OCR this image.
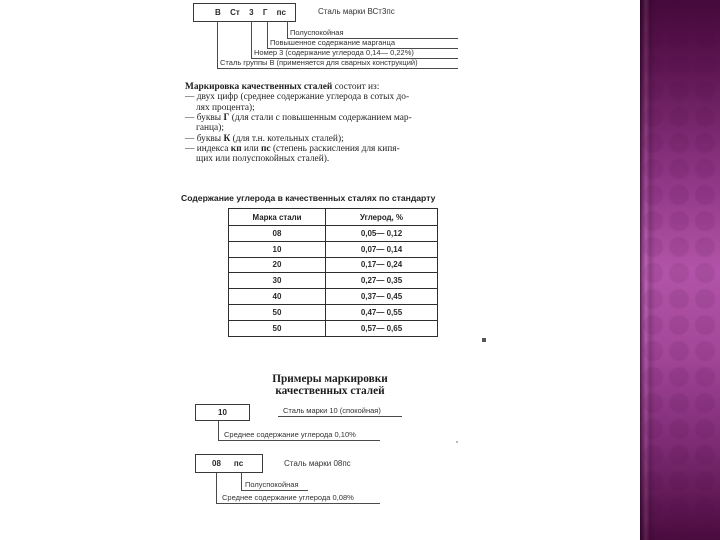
В Ст 3 Г пс	Сталь марки ВСт3пс
Полуспокойная
Повышенное содержание марганца
Номер 3 (содержание углерода 0,14— 0,22%)
Сталь группы В (применяется для сварных конструкций)
Маркировка качественных сталей состоит из:
— двух цифр (среднее содержание углерода в сотых до-
лях процента);
— буквы Г (для стали с повышенным содержанием мар-
ганца);
— буквы К (для т.н. котельных сталей);
— индекса кп или пс (степень раскисления для кипя-
щих или полуспокойных сталей).
Содержание углерода в качественных сталях по стандарту
Марка стали	Углерод, %
08	0,05— 0,12
10	0,07— 0,14
20	0,17— 0,24
30	0,27— 0,35
40	0,37— 0,45
50	0,47— 0,55
50	0,57— 0,65
Примеры маркировки
качественных сталей
10	Сталь марки 10 (спокойная)
Среднее содержание углерода 0,10%
08 пс	Сталь марки 08пс
Полуспокойная
Среднее содержание углерода 0,08%
